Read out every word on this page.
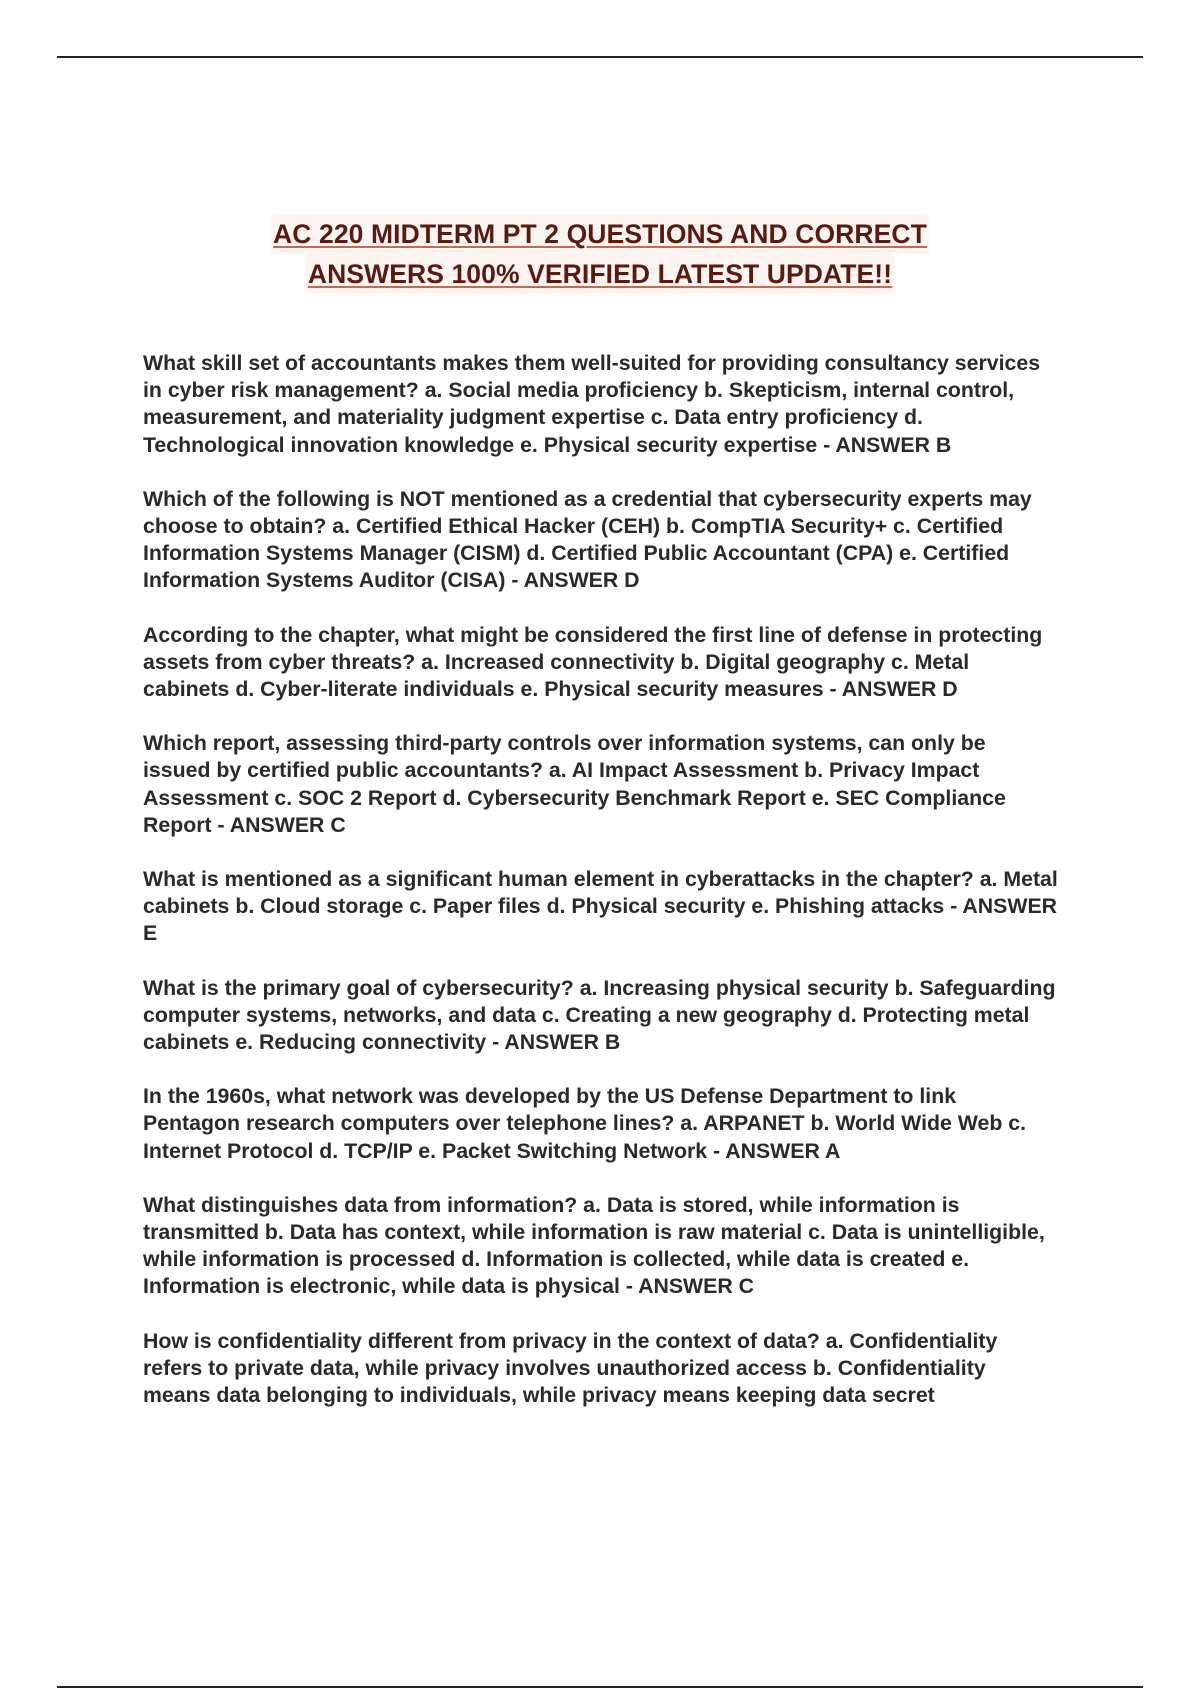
AC 220 MIDTERM PT 2 QUESTIONS AND CORRECT
ANSWERS 100% VERIFIED LATEST UPDATE!!

What skill set of accountants makes them well-suited for providing consultancy services in cyber risk management? a. Social media proficiency b. Skepticism, internal control, measurement, and materiality judgment expertise c. Data entry proficiency d. Technological innovation knowledge e. Physical security expertise - ANSWER B

Which of the following is NOT mentioned as a credential that cybersecurity experts may choose to obtain? a. Certified Ethical Hacker (CEH) b. CompTIA Security+ c. Certified Information Systems Manager (CISM) d. Certified Public Accountant (CPA) e. Certified Information Systems Auditor (CISA) - ANSWER D

According to the chapter, what might be considered the first line of defense in protecting assets from cyber threats? a. Increased connectivity b. Digital geography c. Metal cabinets d. Cyber-literate individuals e. Physical security measures - ANSWER D

Which report, assessing third-party controls over information systems, can only be issued by certified public accountants? a. AI Impact Assessment b. Privacy Impact Assessment c. SOC 2 Report d. Cybersecurity Benchmark Report e. SEC Compliance Report - ANSWER C

What is mentioned as a significant human element in cyberattacks in the chapter? a. Metal cabinets b. Cloud storage c. Paper files d. Physical security e. Phishing attacks - ANSWER E

What is the primary goal of cybersecurity? a. Increasing physical security b. Safeguarding computer systems, networks, and data c. Creating a new geography d. Protecting metal cabinets e. Reducing connectivity - ANSWER B

In the 1960s, what network was developed by the US Defense Department to link Pentagon research computers over telephone lines? a. ARPANET b. World Wide Web c. Internet Protocol d. TCP/IP e. Packet Switching Network - ANSWER A

What distinguishes data from information? a. Data is stored, while information is transmitted b. Data has context, while information is raw material c. Data is unintelligible, while information is processed d. Information is collected, while data is created e. Information is electronic, while data is physical - ANSWER C

How is confidentiality different from privacy in the context of data? a. Confidentiality refers to private data, while privacy involves unauthorized access b. Confidentiality means data belonging to individuals, while privacy means keeping data secret
